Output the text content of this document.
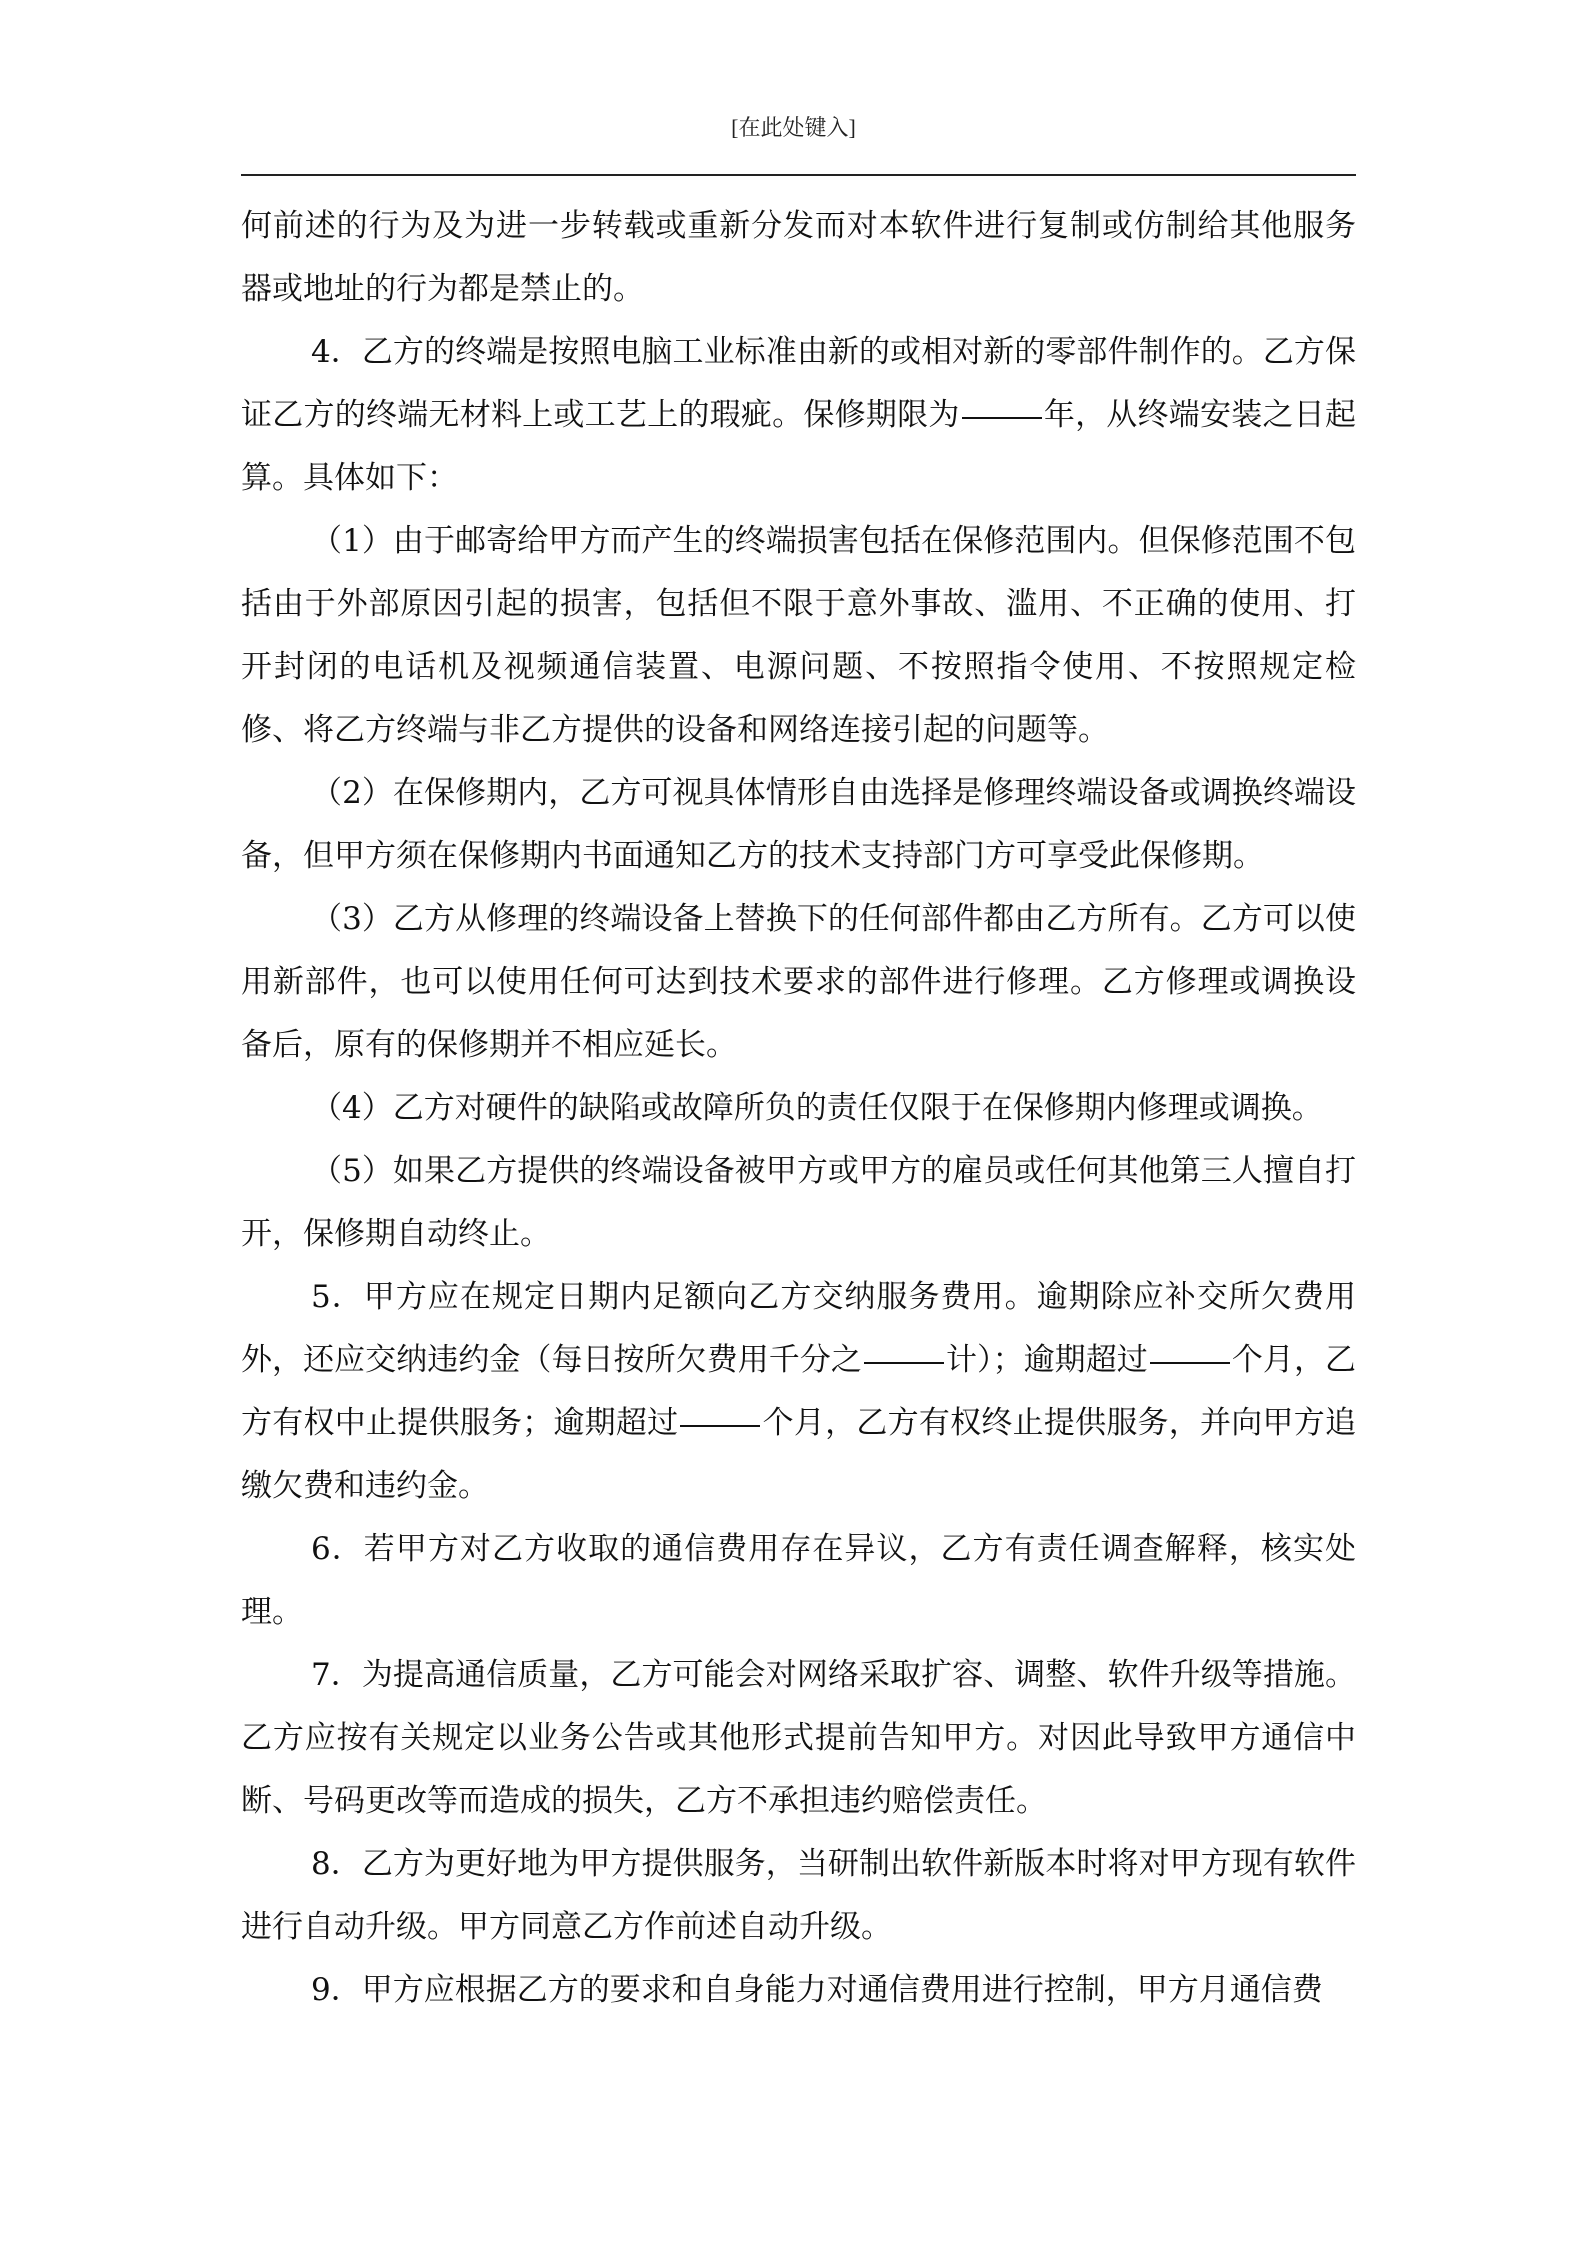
[在此处键入]

何前述的行为及为进一步转载或重新分发而对本软件进行复制或仿制给其他服务器或地址的行为都是禁止的。

4．乙方的终端是按照电脑工业标准由新的或相对新的零部件制作的。乙方保证乙方的终端无材料上或工艺上的瑕疵。保修期限为	年，从终端安装之日起算。具体如下：

（1）由于邮寄给甲方而产生的终端损害包括在保修范围内。但保修范围不包括由于外部原因引起的损害，包括但不限于意外事故、滥用、不正确的使用、打开封闭的电话机及视频通信装置、电源问题、不按照指令使用、不按照规定检修、将乙方终端与非乙方提供的设备和网络连接引起的问题等。

（2）在保修期内，乙方可视具体情形自由选择是修理终端设备或调换终端设备，但甲方须在保修期内书面通知乙方的技术支持部门方可享受此保修期。

（3）乙方从修理的终端设备上替换下的任何部件都由乙方所有。乙方可以使用新部件，也可以使用任何可达到技术要求的部件进行修理。乙方修理或调换设备后，原有的保修期并不相应延长。

（4）乙方对硬件的缺陷或故障所负的责任仅限于在保修期内修理或调换。

（5）如果乙方提供的终端设备被甲方或甲方的雇员或任何其他第三人擅自打开，保修期自动终止。

5．甲方应在规定日期内足额向乙方交纳服务费用。逾期除应补交所欠费用外，还应交纳违约金（每日按所欠费用千分之	计）；逾期超过	个月，乙方有权中止提供服务；逾期超过	个月，乙方有权终止提供服务，并向甲方追缴欠费和违约金。

6．若甲方对乙方收取的通信费用存在异议，乙方有责任调查解释，核实处理。

7．为提高通信质量，乙方可能会对网络采取扩容、调整、软件升级等措施。乙方应按有关规定以业务公告或其他形式提前告知甲方。对因此导致甲方通信中断、号码更改等而造成的损失，乙方不承担违约赔偿责任。

8．乙方为更好地为甲方提供服务，当研制出软件新版本时将对甲方现有软件进行自动升级。甲方同意乙方作前述自动升级。

9．甲方应根据乙方的要求和自身能力对通信费用进行控制，甲方月通信费
